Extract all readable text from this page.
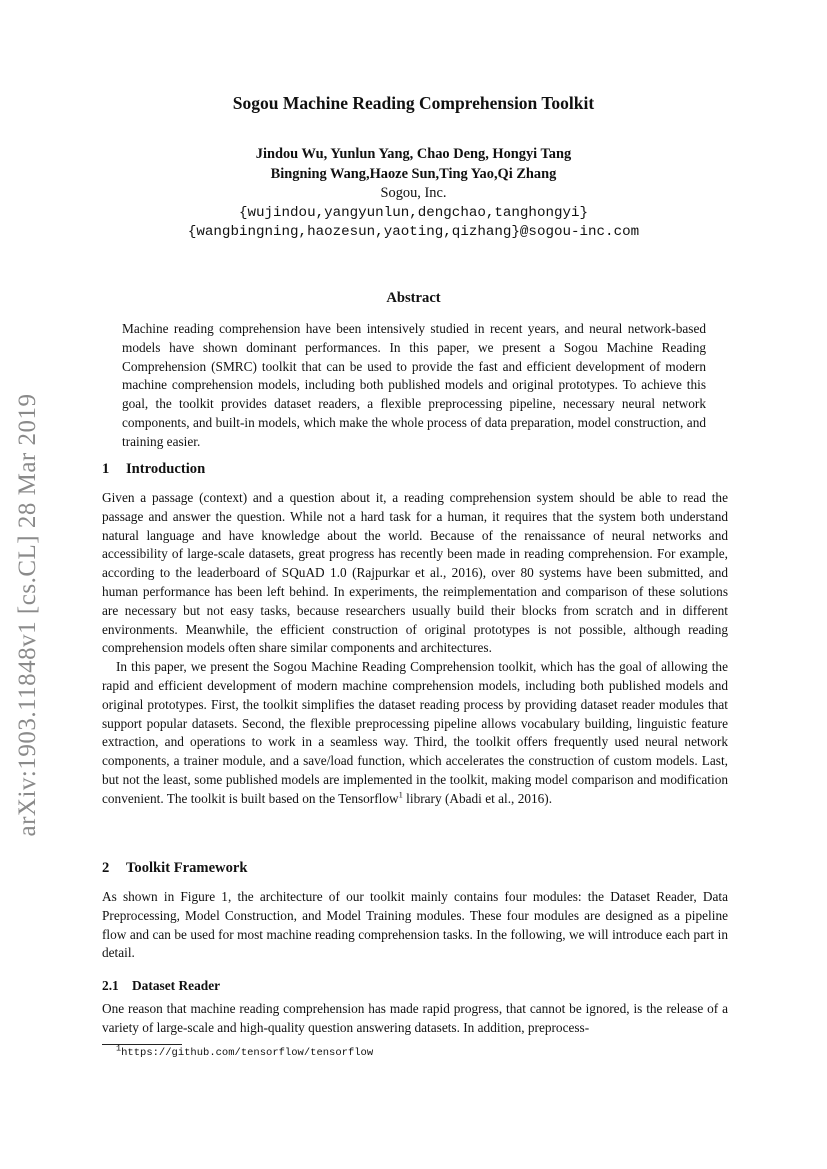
arXiv:1903.11848v1 [cs.CL] 28 Mar 2019
Sogou Machine Reading Comprehension Toolkit
Jindou Wu, Yunlun Yang, Chao Deng, Hongyi Tang
Bingning Wang,Haoze Sun,Ting Yao,Qi Zhang
Sogou, Inc.
{wujindou,yangyunlun,dengchao,tanghongyi}
{wangbingning,haozesun,yaoting,qizhang}@sogou-inc.com
Abstract
Machine reading comprehension have been intensively studied in recent years, and neural network-based models have shown dominant performances. In this paper, we present a Sogou Machine Reading Comprehension (SMRC) toolkit that can be used to provide the fast and efficient development of modern machine comprehension models, including both published models and original prototypes. To achieve this goal, the toolkit provides dataset readers, a flexible preprocessing pipeline, necessary neural network components, and built-in models, which make the whole process of data preparation, model construction, and training easier.
1 Introduction

Given a passage (context) and a question about it, a reading comprehension system should be able to read the passage and answer the question. While not a hard task for a human, it requires that the system both understand natural language and have knowledge about the world. Because of the renaissance of neural networks and accessibility of large-scale datasets, great progress has recently been made in reading comprehension. For example, according to the leaderboard of SQuAD 1.0 (Rajpurkar et al., 2016), over 80 systems have been submitted, and human performance has been left behind. In experiments, the reimplementation and comparison of these solutions are necessary but not easy tasks, because researchers usually build their blocks from scratch and in different environments. Meanwhile, the efficient construction of original prototypes is not possible, although reading comprehension models often share similar components and architectures.

In this paper, we present the Sogou Machine Reading Comprehension toolkit, which has the goal of allowing the rapid and efficient development of modern machine comprehension models, including both published models and original prototypes. First, the toolkit simplifies the dataset reading process by providing dataset reader modules that support popular datasets. Second, the flexible preprocessing pipeline allows vocabulary building, linguistic feature extraction, and operations to work in a seamless way. Third, the toolkit offers frequently used neural network components, a trainer module, and a save/load function, which accelerates the construction of custom models. Last, but not the least, some published models are implemented in the toolkit, making model comparison and modification convenient. The toolkit is built based on the Tensorflow$^1$ library (Abadi et al., 2016).

2 Toolkit Framework

As shown in Figure 1, the architecture of our toolkit mainly contains four modules: the Dataset Reader, Data Preprocessing, Model Construction, and Model Training modules. These four modules are designed as a pipeline flow and can be used for most machine reading comprehension tasks. In the following, we will introduce each part in detail.

2.1 Dataset Reader

One reason that machine reading comprehension has made rapid progress, that cannot be ignored, is the release of a variety of large-scale and high-quality question answering datasets. In addition, preprocess-

$^1$https://github.com/tensorflow/tensorflow
